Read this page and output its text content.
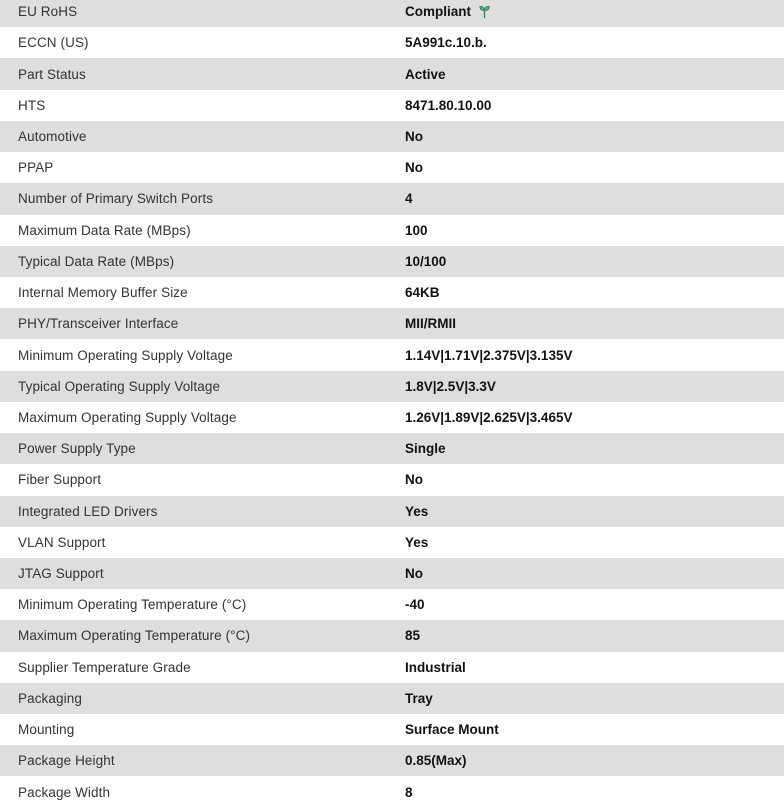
EU RoHS	Compliant
ECCN (US)	5A991c.10.b.
Part Status	Active
HTS	8471.80.10.00
Automotive	No
PPAP	No
Number of Primary Switch Ports	4
Maximum Data Rate (MBps)	100
Typical Data Rate (MBps)	10/100
Internal Memory Buffer Size	64KB
PHY/Transceiver Interface	MII/RMII
Minimum Operating Supply Voltage	1.14V|1.71V|2.375V|3.135V
Typical Operating Supply Voltage	1.8V|2.5V|3.3V
Maximum Operating Supply Voltage	1.26V|1.89V|2.625V|3.465V
Power Supply Type	Single
Fiber Support	No
Integrated LED Drivers	Yes
VLAN Support	Yes
JTAG Support	No
Minimum Operating Temperature (°C)	-40
Maximum Operating Temperature (°C)	85
Supplier Temperature Grade	Industrial
Packaging	Tray
Mounting	Surface Mount
Package Height	0.85(Max)
Package Width	8
